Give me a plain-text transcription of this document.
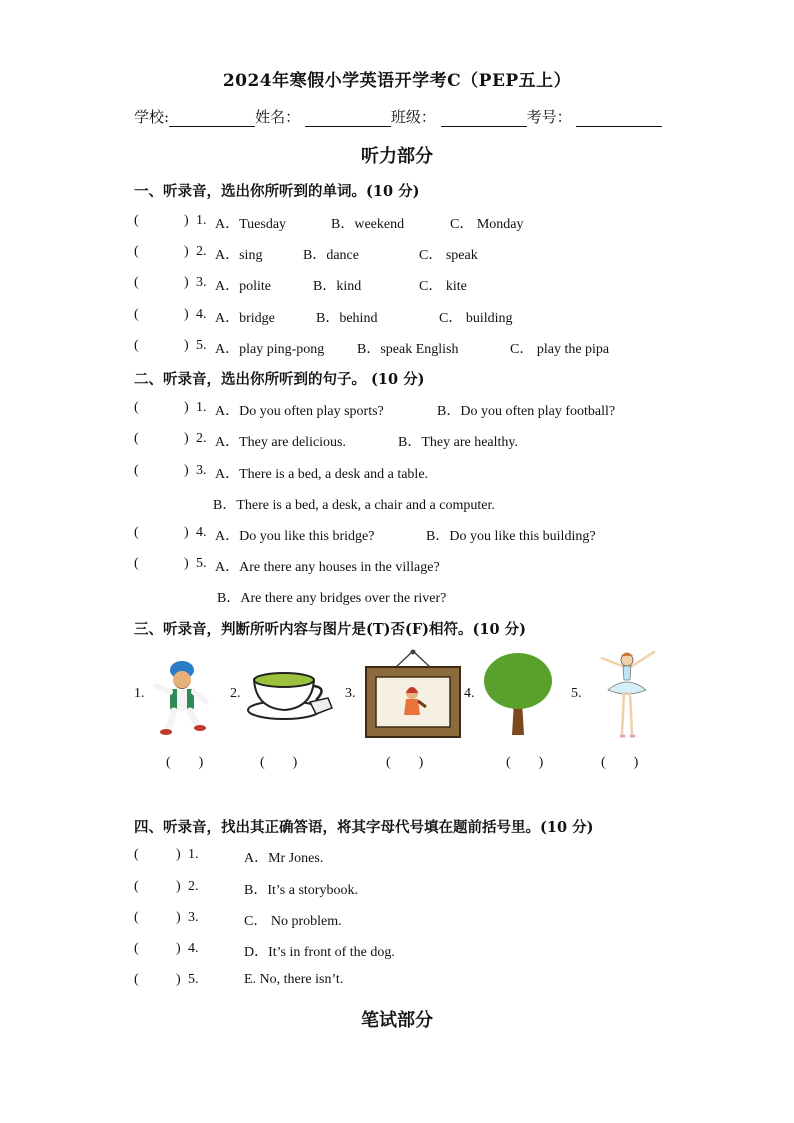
2024年寒假小学英语开学考C（PEP五上）
学校:	姓名：	班级：	考号：
听力部分
一、听录音，选出你所听到的单词。(10 分)
(	) 1. A．Tuesday	B．weekend	C． Monday
(	) 2. A．sing	B．dance	C． speak
(	) 3. A．polite	B．kind	C． kite
(	) 4. A．bridge	B．behind	C． building
(	) 5. A．play ping-pong B．speak English	C． play the pipa
二、听录音，选出你所听到的句子。 (10 分)
(	) 1. A．Do you often play sports?	B．Do you often play football?
(	) 2. A．They are delicious.	B．They are healthy.
(	) 3. A．There is a bed, a desk and a table.
B．There is a bed, a desk, a chair and a computer.
(	) 4. A．Do you like this bridge?	B．Do you like this building?
(	) 5. A．Are there any houses in the village?
B．Are there any bridges over the river?
三、听录音，判断所听内容与图片是(T)否(F)相符。(10 分)
1.	2.	3.	4.	5.
(        )	(        )	(        )	(        )	(        )
四、听录音，找出其正确答语，将其字母代号填在题前括号里。(10 分)
(	) 1.	A．Mr Jones.
(	) 2.	B．It’s a storybook.
(	) 3.	C． No problem.
(	) 4.	D．It’s in front of the dog.
(	) 5.	E. No, there isn’t.
笔试部分
